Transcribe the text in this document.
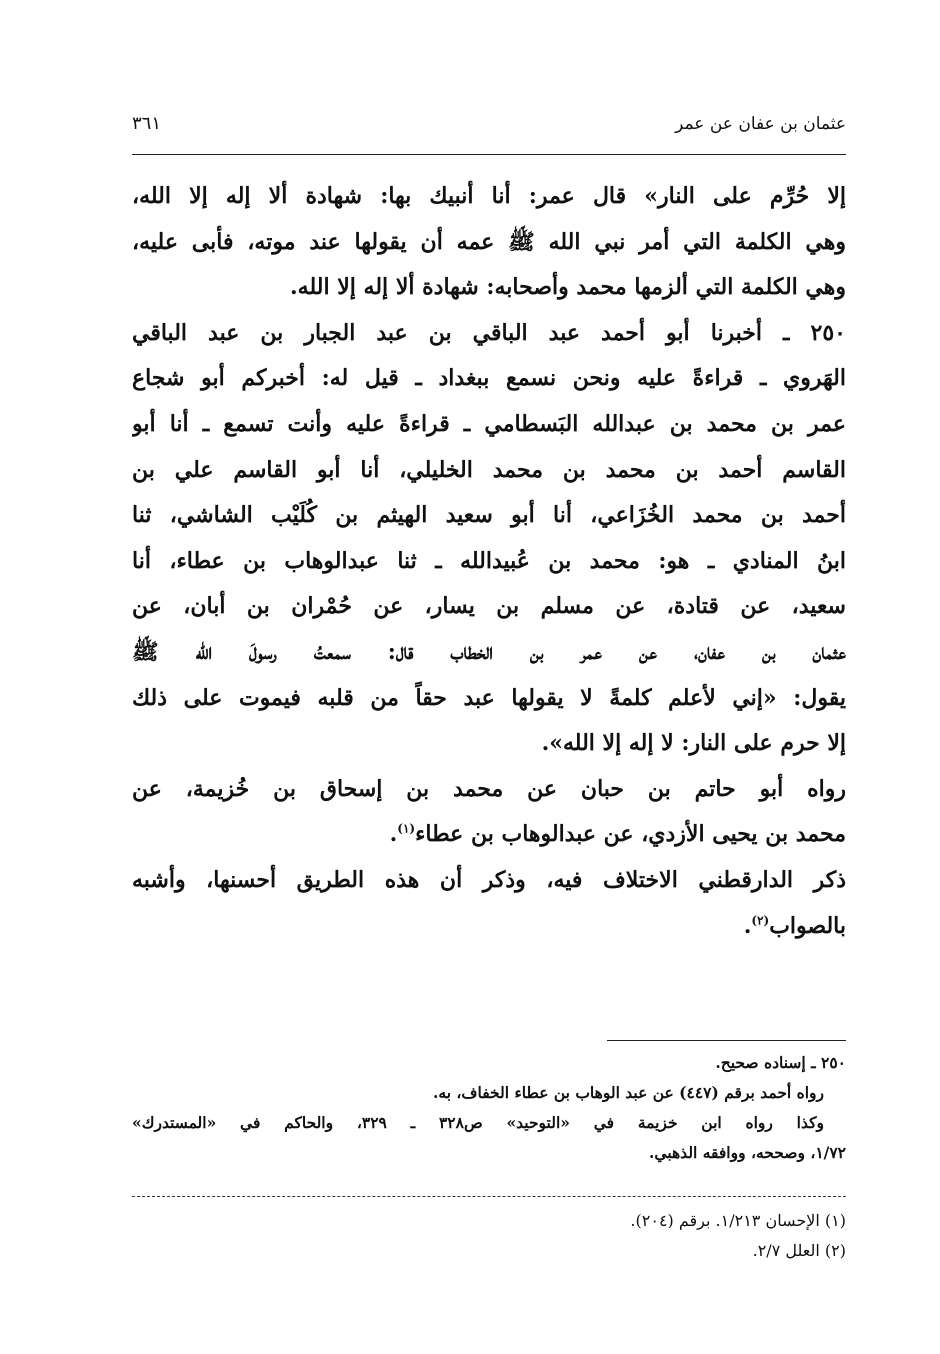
عثمان بن عفان عن عمر
٣٦١
إلا حُرِّم على النار» قال عمر: أنا أنبيك بها: شهادة ألا إله إلا الله،
وهي الكلمة التي أمر نبي الله ﷺ عمه أن يقولها عند موته، فأبى عليه،
وهي الكلمة التي ألزمها محمد وأصحابه: شهادة ألا إله إلا الله.
٢٥٠ ـ أخبرنا أبو أحمد عبد الباقي بن عبد الجبار بن عبد الباقي
الهَروي ـ قراءةً عليه ونحن نسمع ببغداد ـ قيل له: أخبركم أبو شجاع
عمر بن محمد بن عبدالله البَسطامي ـ قراءةً عليه وأنت تسمع ـ أنا أبو
القاسم أحمد بن محمد بن محمد الخليلي، أنا أبو القاسم علي بن
أحمد بن محمد الخُزَاعي، أنا أبو سعيد الهيثم بن كُلَيْب الشاشي، ثنا
ابنُ المنادي ـ هو: محمد بن عُبيدالله ـ ثنا عبدالوهاب بن عطاء، أنا
سعيد، عن قتادة، عن مسلم بن يسار، عن حُمْران بن أبان، عن
عثمان بن عفان، عن عمر بن الخطاب قال: سمعتُ رسولَ الله ﷺ
يقول: «إني لأعلم كلمةً لا يقولها عبد حقاً من قلبه فيموت على ذلك
إلا حرم على النار: لا إله إلا الله».
رواه أبو حاتم بن حبان عن محمد بن إسحاق بن خُزيمة، عن
محمد بن يحيى الأزدي، عن عبدالوهاب بن عطاء$^{(١)}$.
ذكر الدارقطني الاختلاف فيه، وذكر أن هذه الطريق أحسنها، وأشبه
بالصواب$^{(٢)}$.
٢٥٠ ـ إسناده صحيح.
رواه أحمد برقم (٤٤٧) عن عبد الوهاب بن عطاء الخفاف، به.
وكذا رواه ابن خزيمة في «التوحيد» ص٣٢٨ ـ ٣٢٩، والحاكم في «المستدرك»
١/٧٢، وصححه، ووافقه الذهبي.
(١) الإحسان ١/٢١٣. برقم (٢٠٤).
(٢) العلل ٢/٧.
